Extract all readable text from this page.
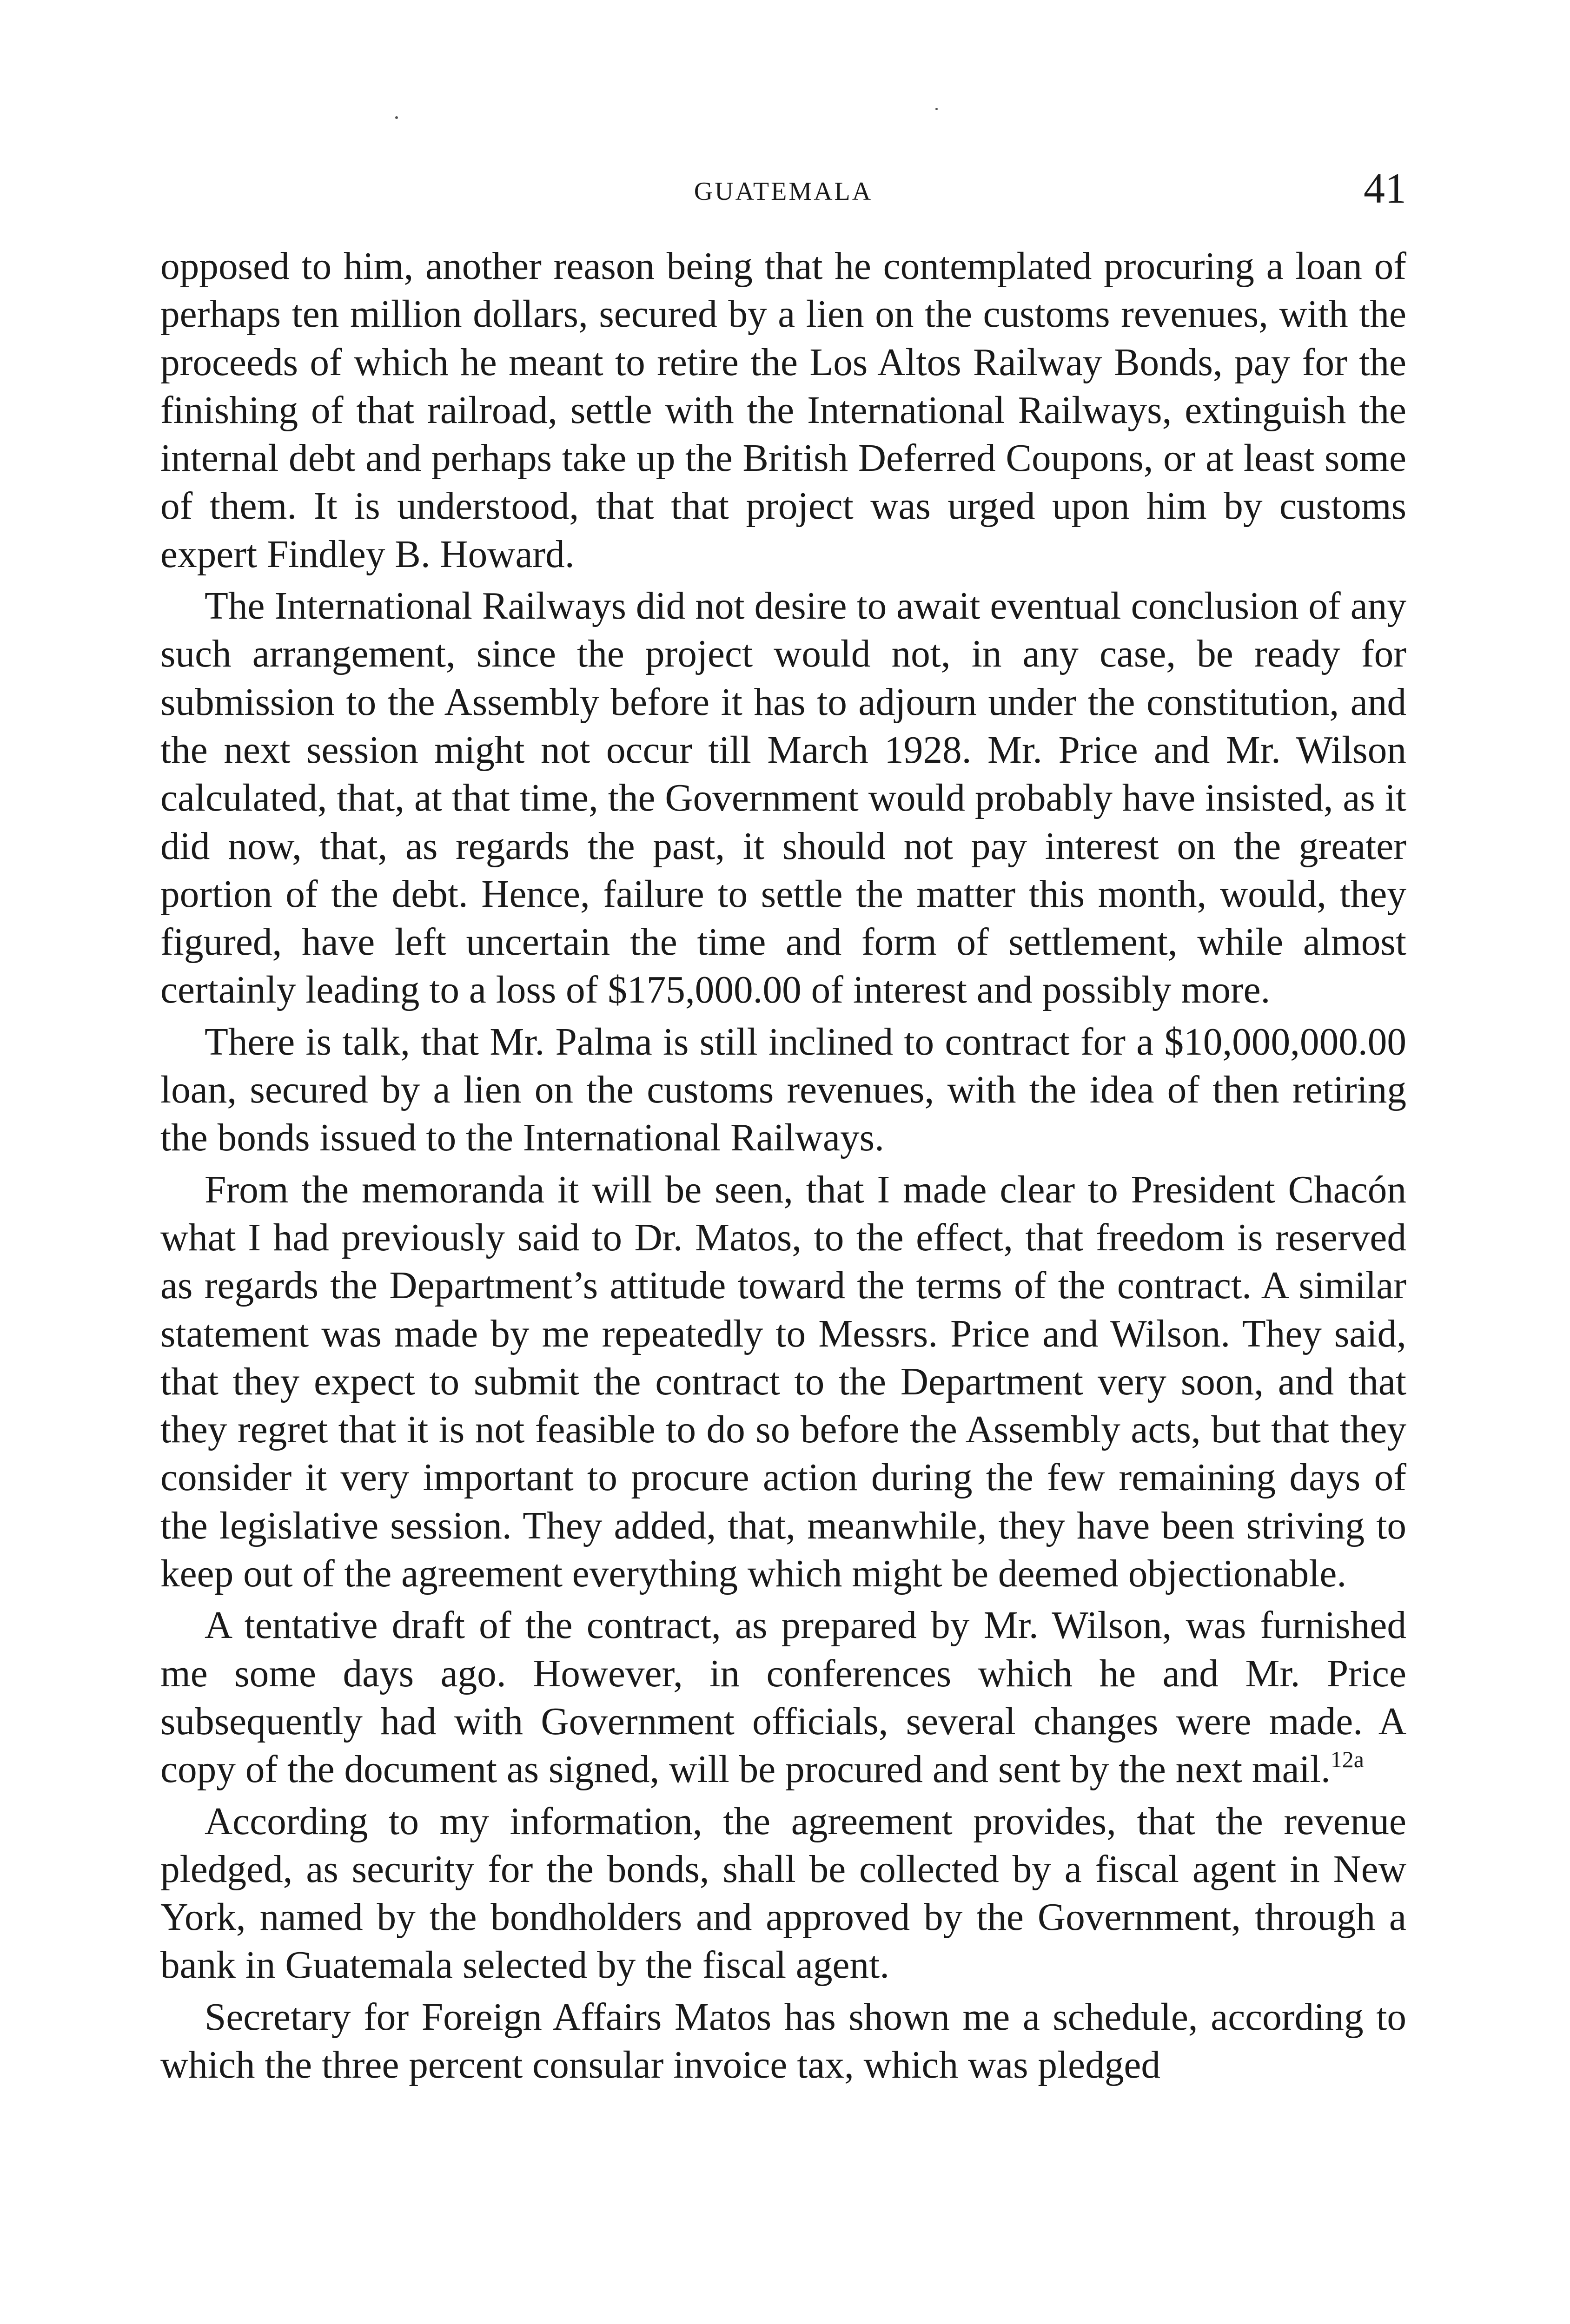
GUATEMALA	41

opposed to him, another reason being that he contemplated procuring a loan of perhaps ten million dollars, secured by a lien on the customs revenues, with the proceeds of which he meant to retire the Los Altos Railway Bonds, pay for the finishing of that railroad, settle with the International Railways, extinguish the internal debt and perhaps take up the British Deferred Coupons, or at least some of them. It is understood, that that project was urged upon him by customs expert Findley B. Howard.

The International Railways did not desire to await eventual conclusion of any such arrangement, since the project would not, in any case, be ready for submission to the Assembly before it has to adjourn under the constitution, and the next session might not occur till March 1928. Mr. Price and Mr. Wilson calculated, that, at that time, the Government would probably have insisted, as it did now, that, as regards the past, it should not pay interest on the greater portion of the debt. Hence, failure to settle the matter this month, would, they figured, have left uncertain the time and form of settlement, while almost certainly leading to a loss of $175,000.00 of interest and possibly more.

There is talk, that Mr. Palma is still inclined to contract for a $10,000,000.00 loan, secured by a lien on the customs revenues, with the idea of then retiring the bonds issued to the International Railways.

From the memoranda it will be seen, that I made clear to President Chacón what I had previously said to Dr. Matos, to the effect, that freedom is reserved as regards the Department’s attitude toward the terms of the contract. A similar statement was made by me repeatedly to Messrs. Price and Wilson. They said, that they expect to submit the contract to the Department very soon, and that they regret that it is not feasible to do so before the Assembly acts, but that they consider it very important to procure action during the few remaining days of the legislative session. They added, that, meanwhile, they have been striving to keep out of the agreement everything which might be deemed objectionable.

A tentative draft of the contract, as prepared by Mr. Wilson, was furnished me some days ago. However, in conferences which he and Mr. Price subsequently had with Government officials, several changes were made. A copy of the document as signed, will be procured and sent by the next mail.$^{12a}$

According to my information, the agreement provides, that the revenue pledged, as security for the bonds, shall be collected by a fiscal agent in New York, named by the bondholders and approved by the Government, through a bank in Guatemala selected by the fiscal agent.

Secretary for Foreign Affairs Matos has shown me a schedule, according to which the three percent consular invoice tax, which was pledged
